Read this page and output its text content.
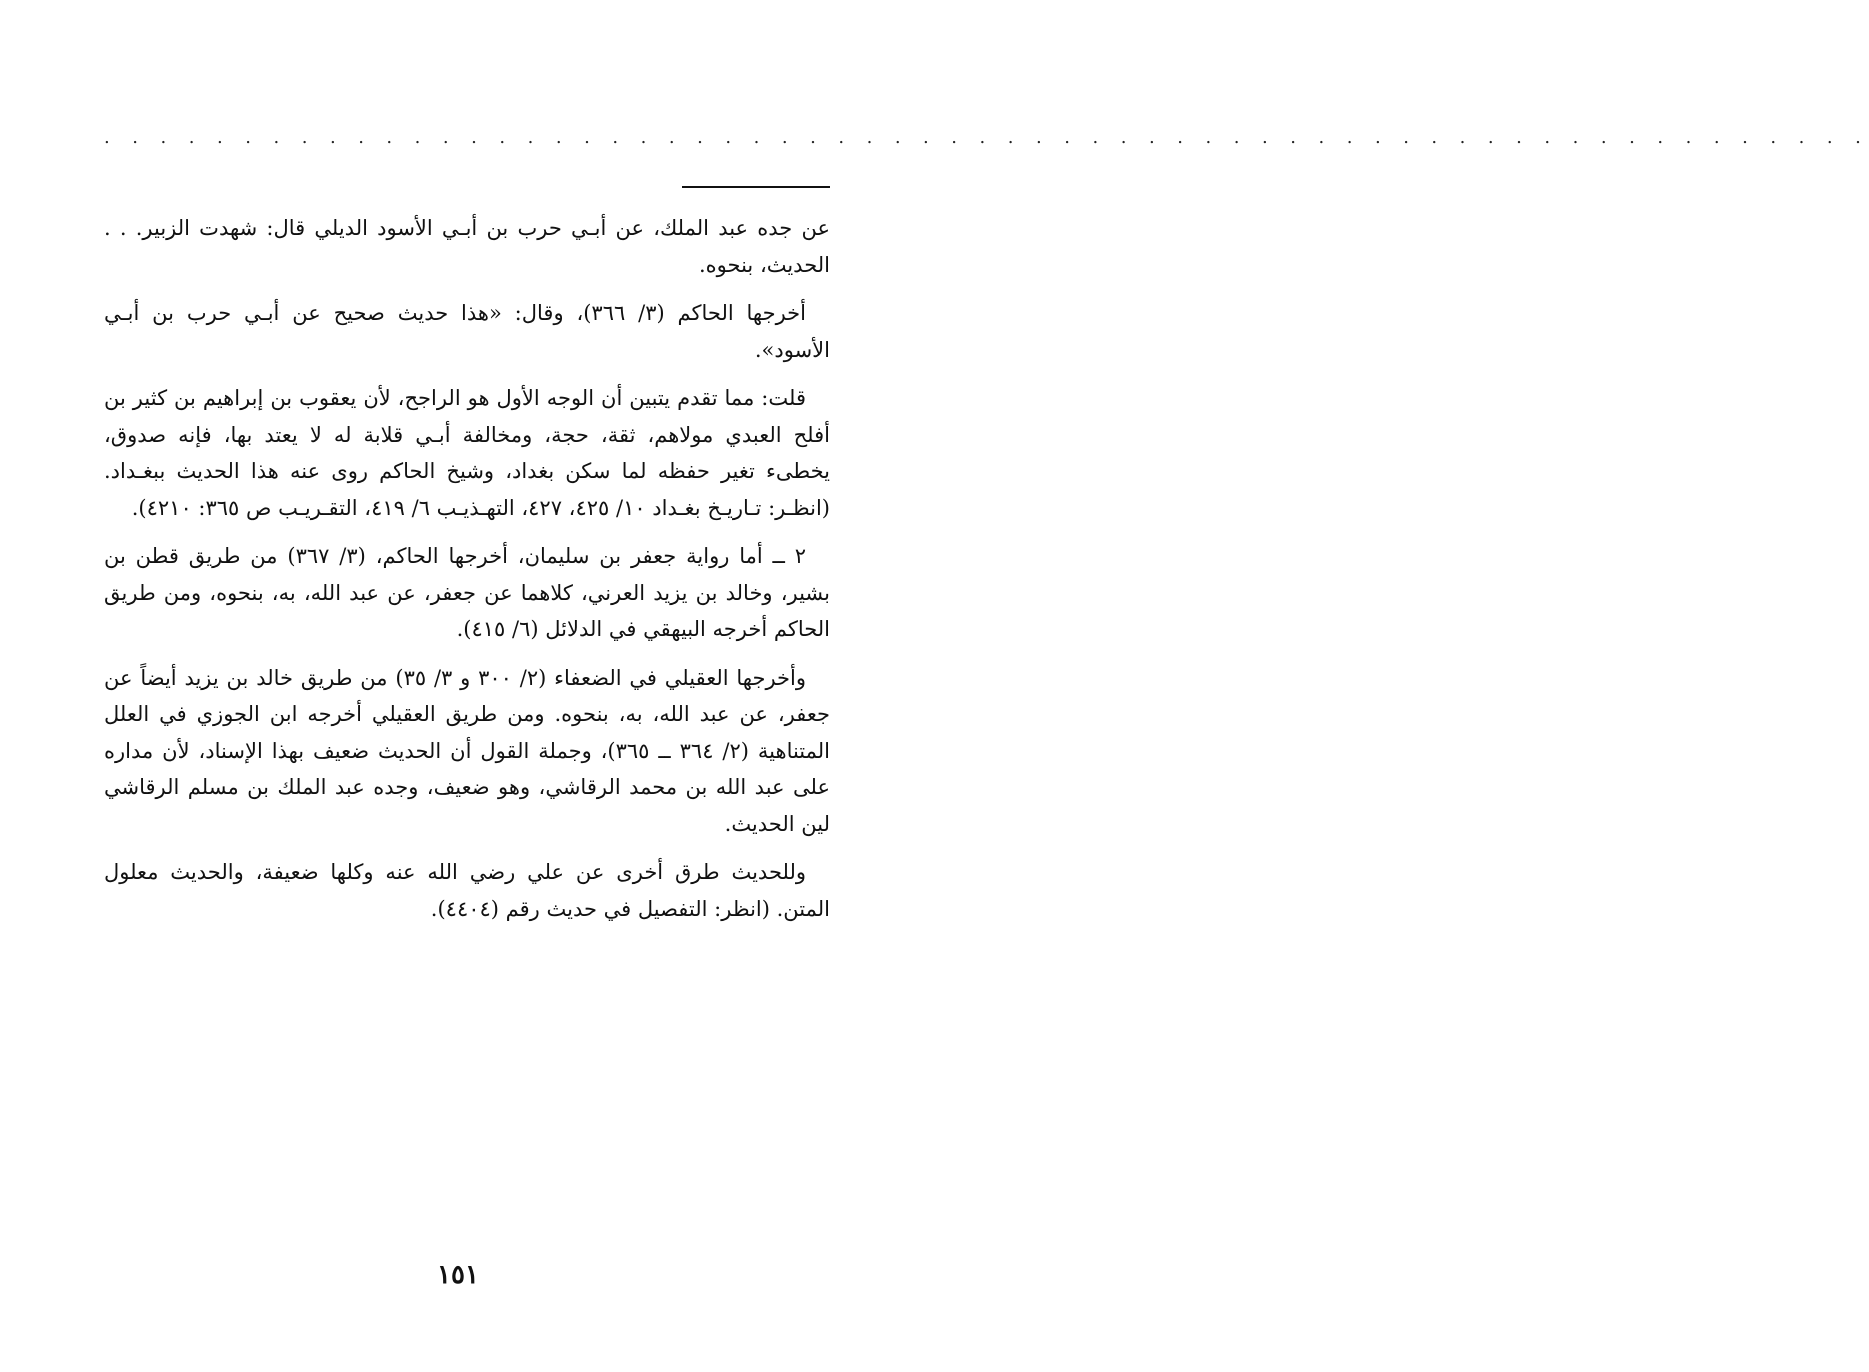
. . . . . . . . . . . . . . . . . . . . . . . . . . . . . . . . . . . . . . . . . . . . . . . . . . . . . . . . . . . . . . .

عن جده عبد الملك، عن أبـي حرب بن أبـي الأسود الديلي قال: شهدت الزبير. . . الحديث، بنحوه.

أخرجها الحاكم (٣/ ٣٦٦)، وقال: «هذا حديث صحيح عن أبـي حرب بن أبـي الأسود».

قلت: مما تقدم يتبين أن الوجه الأول هو الراجح، لأن يعقوب بن إبراهيم بن كثير بن أفلح العبدي مولاهم، ثقة، حجة، ومخالفة أبـي قلابة له لا يعتد بها، فإنه صدوق، يخطىء تغير حفظه لما سكن بغداد، وشيخ الحاكم روى عنه هذا الحديث ببغـداد. (انظـر: تـاريـخ بغـداد ١٠/ ٤٢٥، ٤٢٧، التهـذيـب ٦/ ٤١٩، التقـريـب ص ٣٦٥: ٤٢١٠).

٢ ــ أما رواية جعفر بن سليمان، أخرجها الحاكم، (٣/ ٣٦٧) من طريق قطن بن بشير، وخالد بن يزيد العرني، كلاهما عن جعفر، عن عبد الله، به، بنحوه، ومن طريق الحاكم أخرجه البيهقي في الدلائل (٦/ ٤١٥).

وأخرجها العقيلي في الضعفاء (٢/ ٣٠٠ و ٣/ ٣٥) من طريق خالد بن يزيد أيضاً عن جعفر، عن عبد الله، به، بنحوه. ومن طريق العقيلي أخرجه ابن الجوزي في العلل المتناهية (٢/ ٣٦٤ ــ ٣٦٥)، وجملة القول أن الحديث ضعيف بهذا الإسناد، لأن مداره على عبد الله بن محمد الرقاشي، وهو ضعيف، وجده عبد الملك بن مسلم الرقاشي لين الحديث.

وللحديث طرق أخرى عن علي رضي الله عنه وكلها ضعيفة، والحديث معلول المتن. (انظر: التفصيل في حديث رقم (٤٤٠٤).

١٥١
